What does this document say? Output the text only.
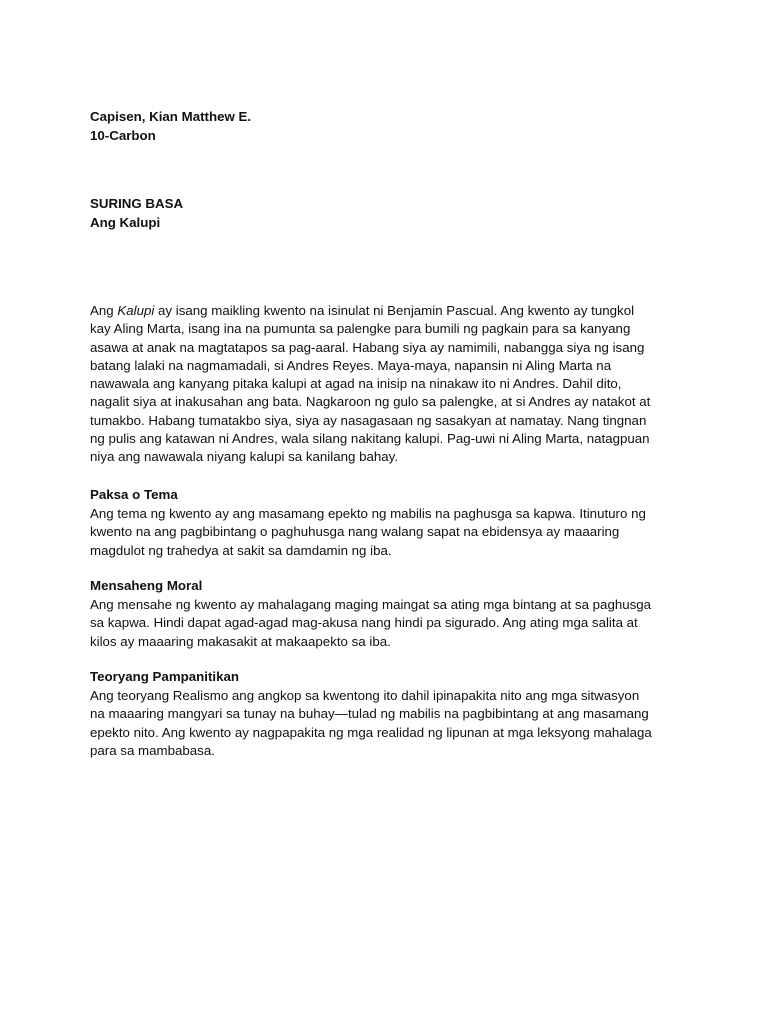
Capisen, Kian Matthew E.
10-Carbon
SURING BASA
Ang Kalupi
Ang Kalupi ay isang maikling kwento na isinulat ni Benjamin Pascual. Ang kwento ay tungkol
kay Aling Marta, isang ina na pumunta sa palengke para bumili ng pagkain para sa kanyang
asawa at anak na magtatapos sa pag-aaral. Habang siya ay namimili, nabangga siya ng isang
batang lalaki na nagmamadali, si Andres Reyes. Maya-maya, napansin ni Aling Marta na
nawawala ang kanyang pitaka kalupi at agad na inisip na ninakaw ito ni Andres. Dahil dito,
nagalit siya at inakusahan ang bata. Nagkaroon ng gulo sa palengke, at si Andres ay natakot at
tumakbo. Habang tumatakbo siya, siya ay nasagasaan ng sasakyan at namatay. Nang tingnan
ng pulis ang katawan ni Andres, wala silang nakitang kalupi. Pag-uwi ni Aling Marta, natagpuan
niya ang nawawala niyang kalupi sa kanilang bahay.
Paksa o Tema
Ang tema ng kwento ay ang masamang epekto ng mabilis na paghusga sa kapwa. Itinuturo ng
kwento na ang pagbibintang o paghuhusga nang walang sapat na ebidensya ay maaaring
magdulot ng trahedya at sakit sa damdamin ng iba.
Mensaheng Moral
Ang mensahe ng kwento ay mahalagang maging maingat sa ating mga bintang at sa paghusga
sa kapwa. Hindi dapat agad-agad mag-akusa nang hindi pa sigurado. Ang ating mga salita at
kilos ay maaaring makasakit at makaapekto sa iba.
Teoryang Pampanitikan
Ang teoryang Realismo ang angkop sa kwentong ito dahil ipinapakita nito ang mga sitwasyon
na maaaring mangyari sa tunay na buhay—tulad ng mabilis na pagbibintang at ang masamang
epekto nito. Ang kwento ay nagpapakita ng mga realidad ng lipunan at mga leksyong mahalaga
para sa mambabasa.
